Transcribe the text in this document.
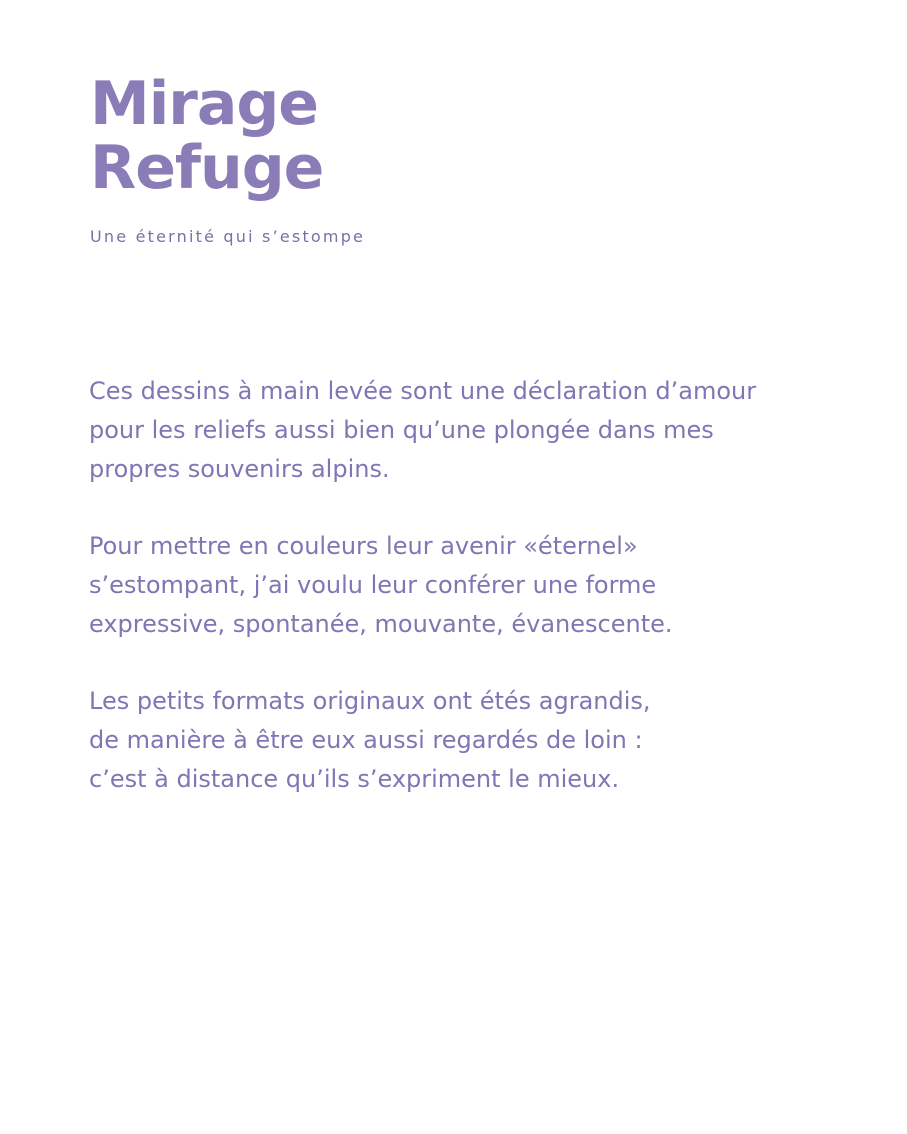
Mirage
Refuge
Une éternité qui s’estompe

Ces dessins à main levée sont une déclaration d’amour
pour les reliefs aussi bien qu’une plongée dans mes
propres souvenirs alpins.

Pour mettre en couleurs leur avenir «éternel»
s’estompant, j’ai voulu leur conférer une forme
expressive, spontanée, mouvante, évanescente.

Les petits formats originaux ont étés agrandis,
de manière à être eux aussi regardés de loin :
c’est à distance qu’ils s’expriment le mieux.
